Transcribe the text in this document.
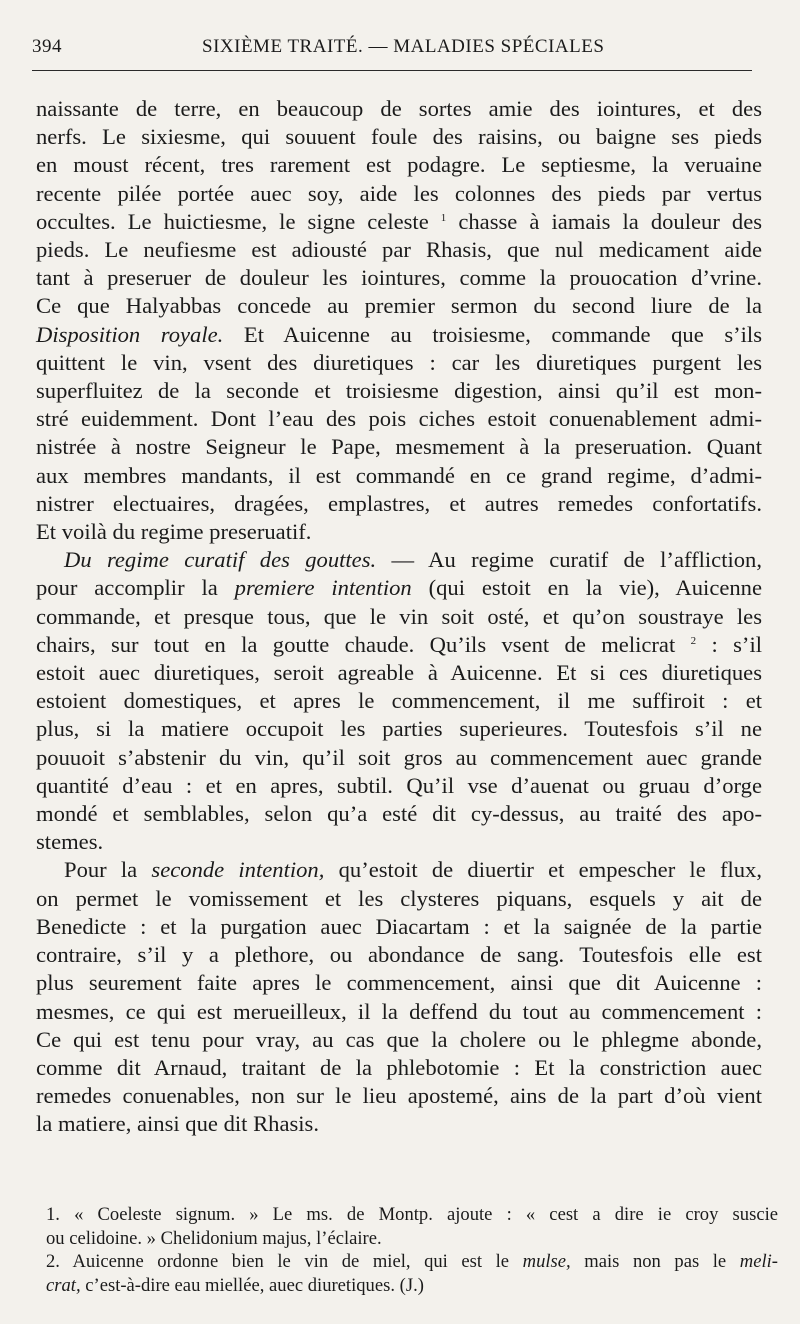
394	SIXIÈME TRAITÉ. — MALADIES SPÉCIALES

naissante de terre, en beaucoup de sortes amie des iointures, et des
nerfs. Le sixiesme, qui souuent foule des raisins, ou baigne ses pieds
en moust récent, tres rarement est podagre. Le septiesme, la veruaine
recente pilée portée auec soy, aide les colonnes des pieds par vertus
occultes. Le huictiesme, le signe celeste $^1$ chasse à iamais la douleur des
pieds. Le neufiesme est adiousté par Rhasis, que nul medicament aide
tant à preseruer de douleur les iointures, comme la prouocation d’vrine.
Ce que Halyabbas concede au premier sermon du second liure de la
Disposition royale. Et Auicenne au troisiesme, commande que s’ils
quittent le vin, vsent des diuretiques : car les diuretiques purgent les
superfluitez de la seconde et troisiesme digestion, ainsi qu’il est mon-
stré euidemment. Dont l’eau des pois ciches estoit conuenablement admi-
nistrée à nostre Seigneur le Pape, mesmement à la preseruation. Quant
aux membres mandants, il est commandé en ce grand regime, d’admi-
nistrer electuaires, dragées, emplastres, et autres remedes confortatifs.
Et voilà du regime preseruatif.

Du regime curatif des gouttes. — Au regime curatif de l’affliction,
pour accomplir la premiere intention (qui estoit en la vie), Auicenne
commande, et presque tous, que le vin soit osté, et qu’on soustraye les
chairs, sur tout en la goutte chaude. Qu’ils vsent de melicrat $^2$ : s’il
estoit auec diuretiques, seroit agreable à Auicenne. Et si ces diuretiques
estoient domestiques, et apres le commencement, il me suffiroit : et
plus, si la matiere occupoit les parties superieures. Toutesfois s’il ne
pouuoit s’abstenir du vin, qu’il soit gros au commencement auec grande
quantité d’eau : et en apres, subtil. Qu’il vse d’auenat ou gruau d’orge
mondé et semblables, selon qu’a esté dit cy-dessus, au traité des apo-
stemes.

Pour la seconde intention, qu’estoit de diuertir et empescher le flux,
on permet le vomissement et les clysteres piquans, esquels y ait de
Benedicte : et la purgation auec Diacartam : et la saignée de la partie
contraire, s’il y a plethore, ou abondance de sang. Toutesfois elle est
plus seurement faite apres le commencement, ainsi que dit Auicenne :
mesmes, ce qui est merueilleux, il la deffend du tout au commencement :
Ce qui est tenu pour vray, au cas que la cholere ou le phlegme abonde,
comme dit Arnaud, traitant de la phlebotomie : Et la constriction auec
remedes conuenables, non sur le lieu apostemé, ains de la part d’où vient
la matiere, ainsi que dit Rhasis.

1. « Coeleste signum. » Le ms. de Montp. ajoute : « cest a dire ie croy suscie
ou celidoine. » Chelidonium majus, l’éclaire.
2. Auicenne ordonne bien le vin de miel, qui est le mulse, mais non pas le meli-
crat, c’est-à-dire eau miellée, auec diuretiques. (J.)
